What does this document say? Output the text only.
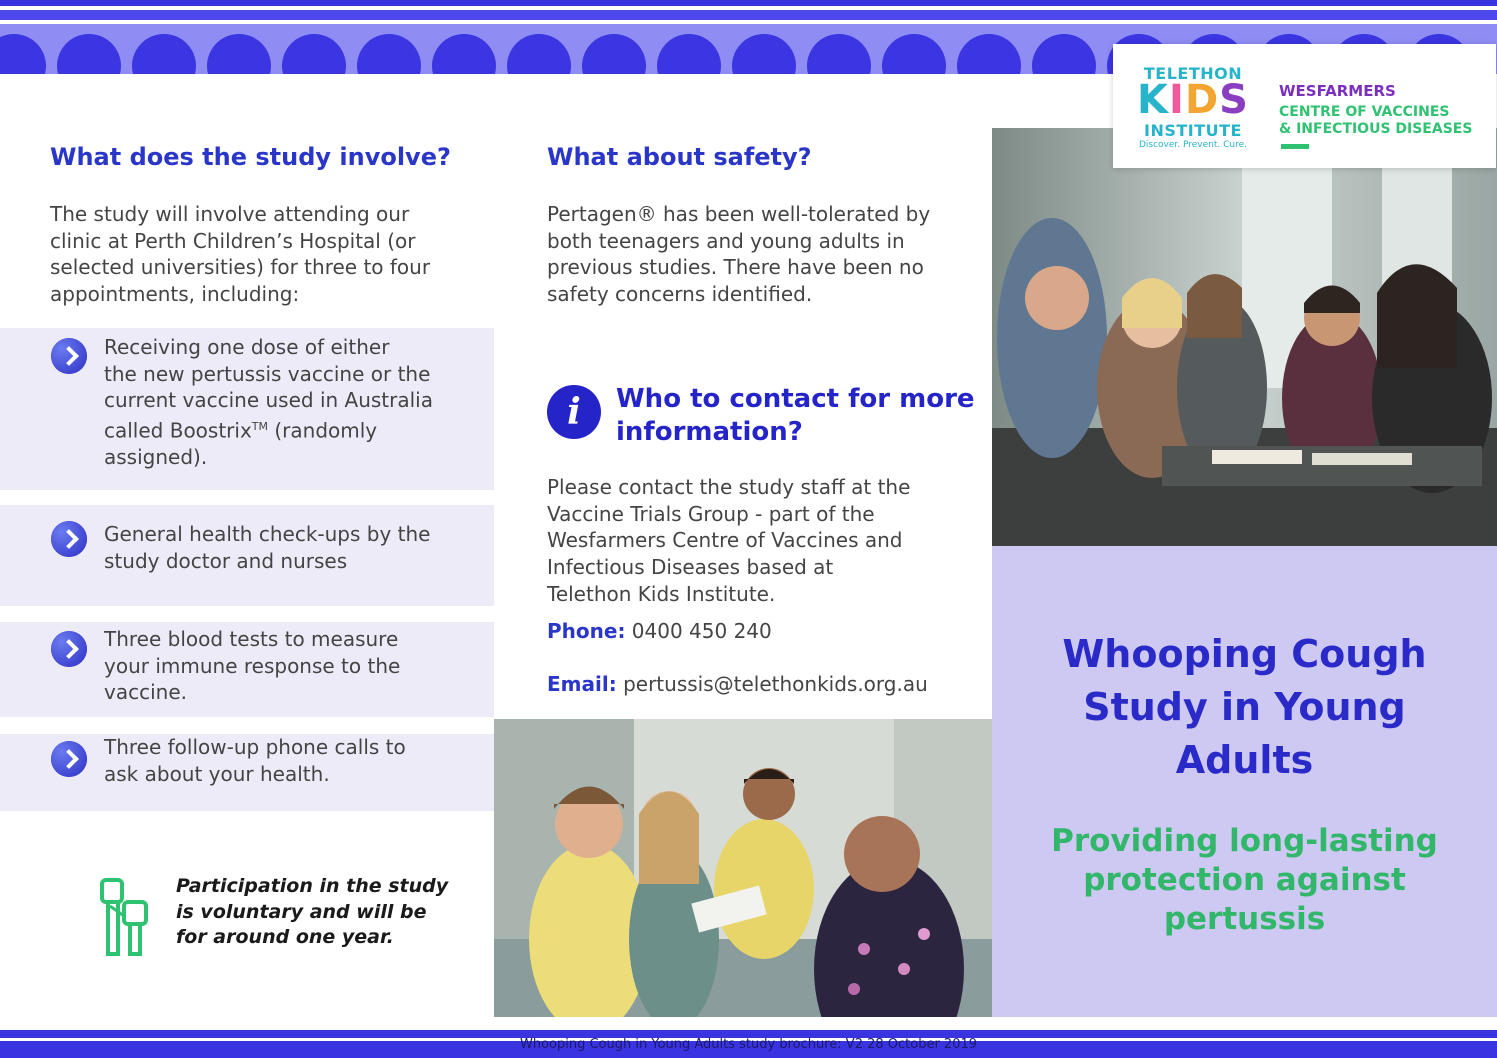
Whooping Cough
Study in Young
Adults
Providing long-lasting
protection against
pertussis
TELETHON
KIDS
INSTITUTE
Discover. Prevent. Cure.
WESFARMERS
CENTRE OF VACCINES
& INFECTIOUS DISEASES
What does the study involve?
The study will involve attending our
clinic at Perth Children’s Hospital (or
selected universities) for three to four
appointments, including:
Receiving one dose of either
the new pertussis vaccine or the
current vaccine used in Australia
called Boostrix™ (randomly
assigned).
General health check-ups by the
study doctor and nurses
Three blood tests to measure
your immune response to the
vaccine.
Three follow-up phone calls to
ask about your health.
Participation in the study
is voluntary and will be
for around one year.
What about safety?
Pertagen® has been well-tolerated by
both teenagers and young adults in
previous studies. There have been no
safety concerns identified.
i	Who to contact for more
information?
Please contact the study staff at the
Vaccine Trials Group - part of the
Wesfarmers Centre of Vaccines and
Infectious Diseases based at
Telethon Kids Institute.
Phone: 0400 450 240
Email: pertussis@telethonkids.org.au
Whooping Cough in Young Adults study brochure: V2 28 October 2019
